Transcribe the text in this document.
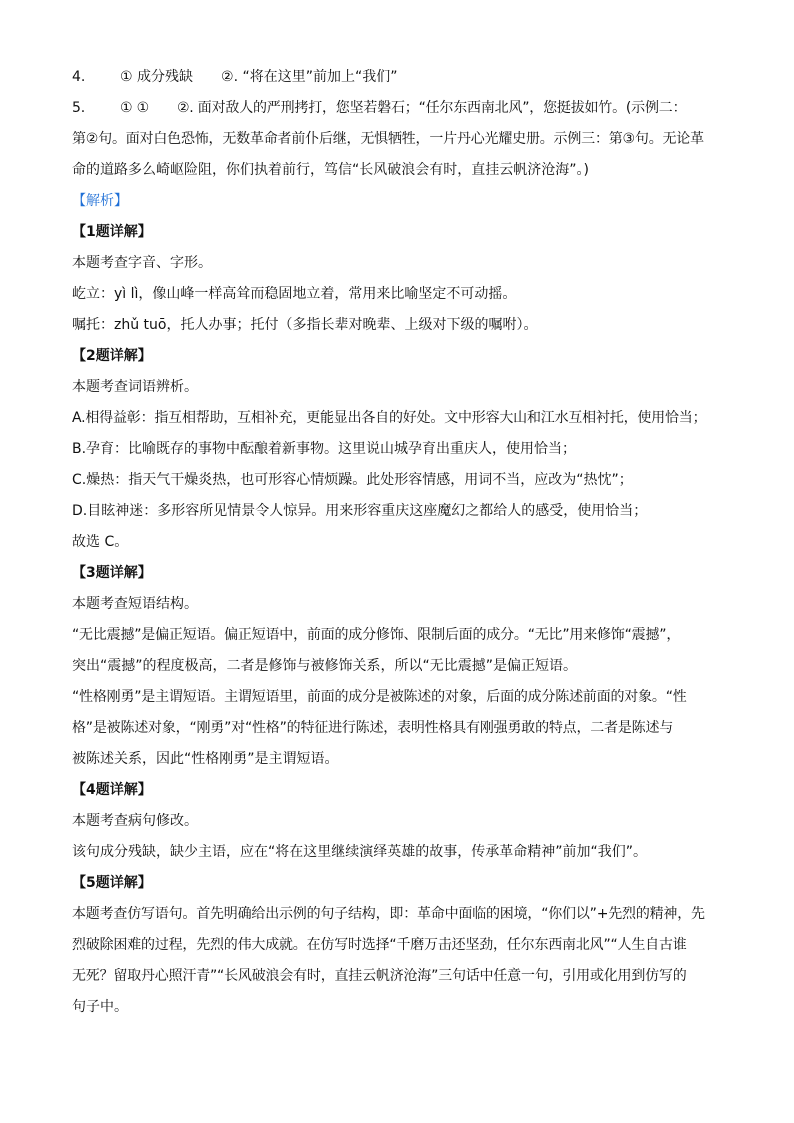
4. ① 成分残缺 ②. “将在这里”前加上“我们”
5.	① ① ②. 面对敌人的严刑拷打，您坚若磐石；“任尔东西南北风”，您挺拔如竹。(示例二：
第②句。面对白色恐怖，无数革命者前仆后继，无惧牺牲，一片丹心光耀史册。示例三：第③句。无论革
命的道路多么崎岖险阻，你们执着前行，笃信“长风破浪会有时，直挂云帆济沧海”。)
【解析】
【1题详解】
本题考查字音、字形。
屹立：yì lì，像山峰一样高耸而稳固地立着，常用来比喻坚定不可动摇。
嘱托：zhǔ tuō，托人办事；托付（多指长辈对晚辈、上级对下级的嘱咐）。
【2题详解】
本题考查词语辨析。
A.相得益彰：指互相帮助，互相补充，更能显出各自的好处。文中形容大山和江水互相衬托，使用恰当；
B.孕育：比喻既存的事物中酝酿着新事物。这里说山城孕育出重庆人，使用恰当；
C.燥热：指天气干燥炎热，也可形容心情烦躁。此处形容情感，用词不当，应改为“热忱”；
D.目眩神迷：多形容所见情景令人惊异。用来形容重庆这座魔幻之都给人的感受，使用恰当；
故选 C。
【3题详解】
本题考查短语结构。
“无比震撼”是偏正短语。偏正短语中，前面的成分修饰、限制后面的成分。“无比”用来修饰“震撼”，
突出“震撼”的程度极高，二者是修饰与被修饰关系，所以“无比震撼”是偏正短语。
“性格刚勇”是主谓短语。主谓短语里，前面的成分是被陈述的对象，后面的成分陈述前面的对象。“性
格”是被陈述对象，“刚勇”对“性格”的特征进行陈述，表明性格具有刚强勇敢的特点，二者是陈述与
被陈述关系，因此“性格刚勇”是主谓短语。
【4题详解】
本题考查病句修改。
该句成分残缺，缺少主语，应在“将在这里继续演绎英雄的故事，传承革命精神”前加“我们”。
【5题详解】
本题考查仿写语句。首先明确给出示例的句子结构，即：革命中面临的困境，“你们以”+先烈的精神，先
烈破除困难的过程，先烈的伟大成就。在仿写时选择“千磨万击还坚劲，任尔东西南北风”“人生自古谁
无死？留取丹心照汗青”“长风破浪会有时，直挂云帆济沧海”三句话中任意一句，引用或化用到仿写的
句子中。
